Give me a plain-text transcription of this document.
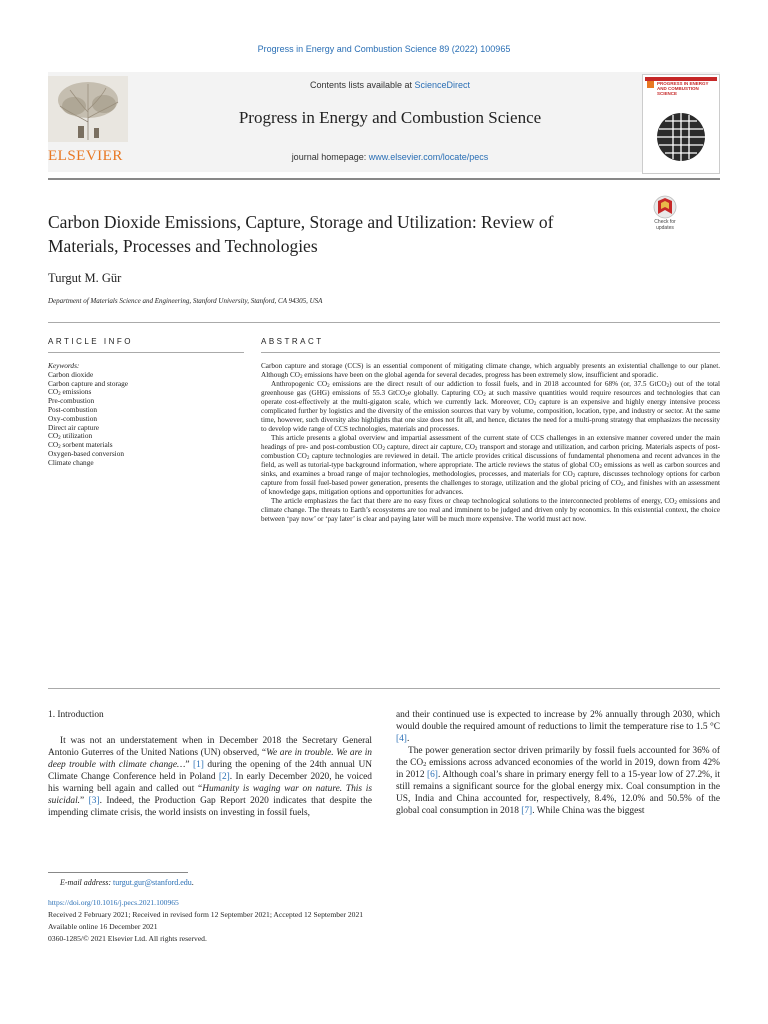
Progress in Energy and Combustion Science 89 (2022) 100965
ELSEVIER
Contents lists available at ScienceDirect
Progress in Energy and Combustion Science
journal homepage: www.elsevier.com/locate/pecs
PROGRESS IN ENERGY AND COMBUSTION SCIENCE
Carbon Dioxide Emissions, Capture, Storage and Utilization: Review of Materials, Processes and Technologies
Check for updates
Turgut M. Gür
Department of Materials Science and Engineering, Stanford University, Stanford, CA 94305, USA
ARTICLE INFO	ABSTRACT
Keywords:
Carbon dioxide
Carbon capture and storage
$CO_2$ emissions
Pre-combustion
Post-combustion
Oxy-combustion
Direct air capture
$CO_2$ utilization
$CO_2$ sorbent materials
Oxygen-based conversion
Climate change

Carbon capture and storage (CCS) is an essential component of mitigating climate change, which arguably presents an existential challenge to our planet. Although $CO_2$ emissions have been on the global agenda for several decades, progress has been extremely slow, insufficient and sporadic.

Anthropogenic $CO_2$ emissions are the direct result of our addiction to fossil fuels, and in 2018 accounted for 68% (or, 37.5 GtCO$_2$) out of the total greenhouse gas (GHG) emissions of 55.3 GtCO$_2$e globally. Capturing $CO_2$ at such massive quantities would require resources and technologies that can operate cost-effectively at the multi-gigaton scale, which we currently lack. Moreover, $CO_2$ capture is an expensive and highly energy intensive process complicated further by logistics and the diversity of the emission sources that vary by volume, composition, location, type, and industry or sector. At the same time, however, such diversity also highlights that one size does not fit all, and hence, dictates the need for a multi-prong strategy that emphasizes the necessity to develop wide range of CCS technologies, materials and processes.

This article presents a global overview and impartial assessment of the current state of CCS challenges in an extensive manner covered under the main headings of pre- and post-combustion $CO_2$ capture, direct air capture, $CO_2$ transport and storage and utilization, and carbon pricing. Materials aspects of post-combustion $CO_2$ capture technologies are reviewed in detail. The article provides critical discussions of fundamental phenomena and recent advances in the field, as well as tutorial-type background information, where appropriate. The article reviews the status of global $CO_2$ emissions as well as carbon sources and sinks, and examines a broad range of major technologies, methodologies, processes, and materials for $CO_2$ capture, discusses technology options for carbon capture from fossil fuel-based power generation, presents the challenges to storage, utilization and the global pricing of $CO_2$, and finishes with an assessment of knowledge gaps, mitigation options and opportunities for advances.

The article emphasizes the fact that there are no easy fixes or cheap technological solutions to the interconnected problems of energy, $CO_2$ emissions and climate change. The threats to Earth’s ecosystems are too real and imminent to be judged and driven only by economics. In this existential context, the choice between ‘pay now’ or ‘pay later’ is clear and paying later will be much more expensive. The world must act now.

1. Introduction

It was not an understatement when in December 2018 the Secretary General Antonio Guterres of the United Nations (UN) observed, “We are in trouble. We are in deep trouble with climate change…” [1] during the opening of the 24th annual UN Climate Change Conference held in Poland [2]. In early December 2020, he voiced his warning bell again and called out “Humanity is waging war on nature. This is suicidal.” [3]. Indeed, the Production Gap Report 2020 indicates that despite the impending climate crisis, the world insists on investing in fossil fuels,

and their continued use is expected to increase by 2% annually through 2030, which would double the required amount of reductions to limit the temperature rise to 1.5 °C [4].

The power generation sector driven primarily by fossil fuels accounted for 36% of the $CO_2$ emissions across advanced economies of the world in 2019, down from 42% in 2012 [6]. Although coal’s share in primary energy fell to a 15-year low of 27.2%, it still remains a significant source for the global energy mix. Coal consumption in the US, India and China accounted for, respectively, 8.4%, 12.0% and 50.5% of the global coal consumption in 2018 [7]. While China was the biggest

E-mail address: turgut.gur@stanford.edu.
https://doi.org/10.1016/j.pecs.2021.100965
Received 2 February 2021; Received in revised form 12 September 2021; Accepted 12 September 2021
Available online 16 December 2021
0360-1285/© 2021 Elsevier Ltd. All rights reserved.
